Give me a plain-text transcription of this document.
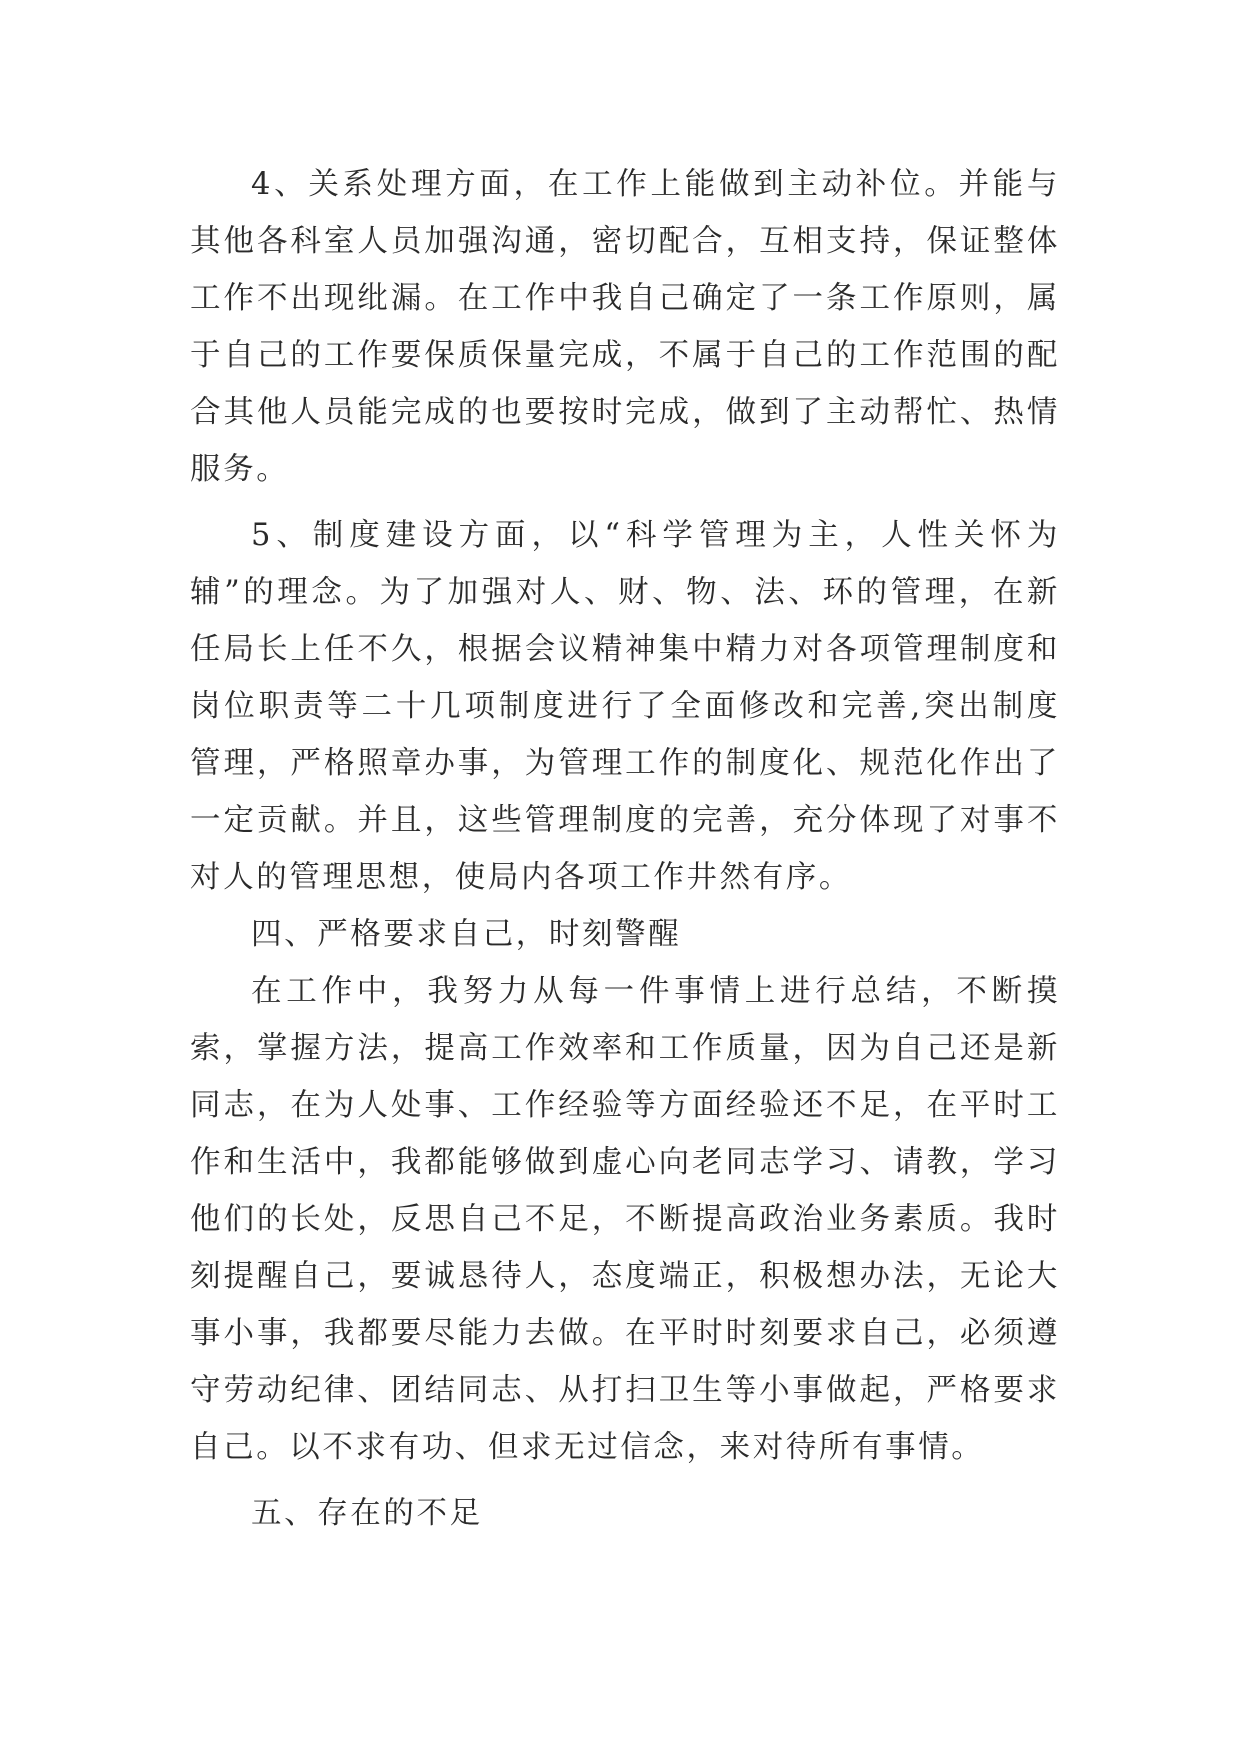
4、关系处理方面，在工作上能做到主动补位。并能与其他各科室人员加强沟通，密切配合，互相支持，保证整体工作不出现纰漏。在工作中我自己确定了一条工作原则，属于自己的工作要保质保量完成，不属于自己的工作范围的配合其他人员能完成的也要按时完成，做到了主动帮忙、热情服务。

5、制度建设方面，以“科学管理为主，人性关怀为辅”的理念。为了加强对人、财、物、法、环的管理，在新任局长上任不久，根据会议精神集中精力对各项管理制度和岗位职责等二十几项制度进行了全面修改和完善,突出制度管理，严格照章办事，为管理工作的制度化、规范化作出了一定贡献。并且，这些管理制度的完善，充分体现了对事不对人的管理思想，使局内各项工作井然有序。

四、严格要求自己，时刻警醒

在工作中，我努力从每一件事情上进行总结，不断摸索，掌握方法，提高工作效率和工作质量，因为自己还是新同志，在为人处事、工作经验等方面经验还不足，在平时工作和生活中，我都能够做到虚心向老同志学习、请教，学习他们的长处，反思自己不足，不断提高政治业务素质。我时刻提醒自己，要诚恳待人，态度端正，积极想办法，无论大事小事，我都要尽能力去做。在平时时刻要求自己，必须遵守劳动纪律、团结同志、从打扫卫生等小事做起，严格要求自己。以不求有功、但求无过信念，来对待所有事情。

五、存在的不足
